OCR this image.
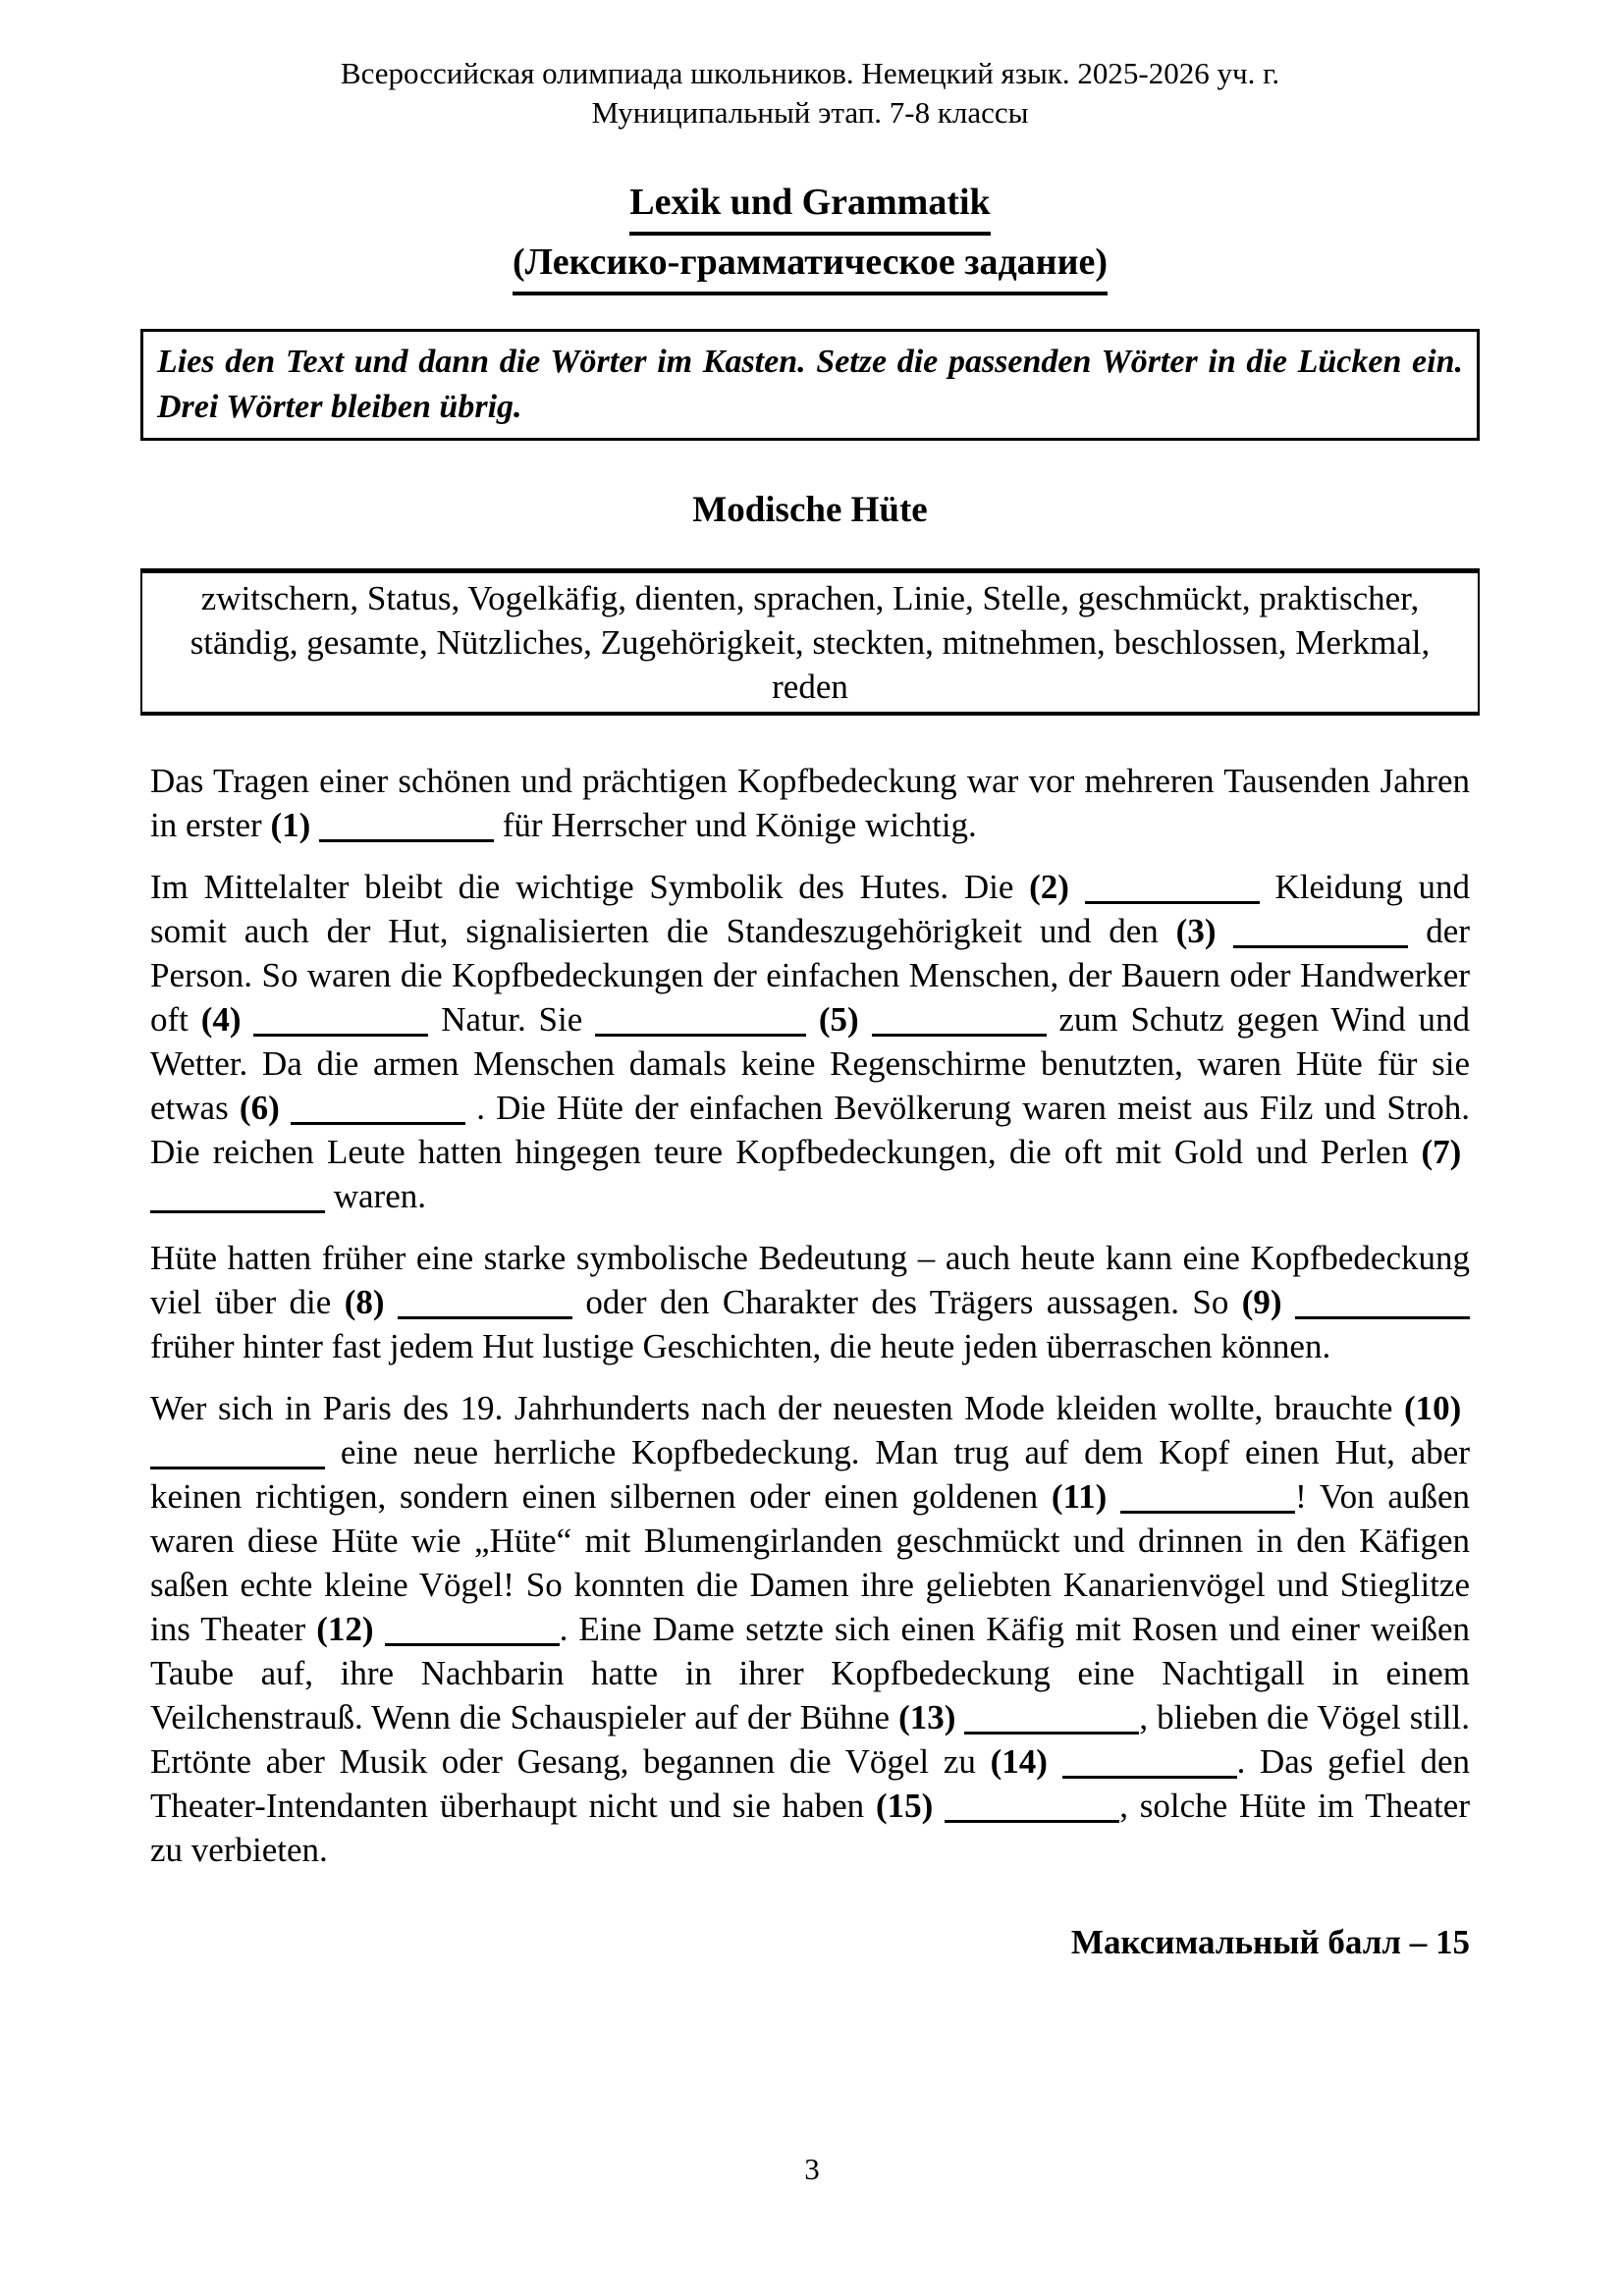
Всероссийская олимпиада школьников. Немецкий язык. 2025-2026 уч. г.
Муниципальный этап. 7-8 классы
Lexik und Grammatik
(Лексико-грамматическое задание)
Lies den Text und dann die Wörter im Kasten. Setze die passenden Wörter in die Lücken ein. Drei Wörter bleiben übrig.
Modische Hüte
zwitschern, Status, Vogelkäfig, dienten, sprachen, Linie, Stelle, geschmückt, praktischer, ständig, gesamte, Nützliches, Zugehörigkeit, steckten, mitnehmen, beschlossen, Merkmal, reden

Das Tragen einer schönen und prächtigen Kopfbedeckung war vor mehreren Tausenden Jahren in erster (1)	für Herrscher und Könige wichtig.

Im Mittelalter bleibt die wichtige Symbolik des Hutes. Die (2)	Kleidung und somit auch der Hut, signalisierten die Standeszugehörigkeit und den (3)	der Person. So waren die Kopfbedeckungen der einfachen Menschen, der Bauern oder Handwerker oft (4)	Natur. Sie	(5)	zum Schutz gegen Wind und Wetter. Da die armen Menschen damals keine Regenschirme benutzten, waren Hüte für sie etwas (6)	. Die Hüte der einfachen Bevölkerung waren meist aus Filz und Stroh. Die reichen Leute hatten hingegen teure Kopfbedeckungen, die oft mit Gold und Perlen (7)  waren.

Hüte hatten früher eine starke symbolische Bedeutung – auch heute kann eine Kopfbedeckung viel über die (8)	oder den Charakter des Trägers aussagen. So (9)  früher hinter fast jedem Hut lustige Geschichten, die heute jeden überraschen können.

Wer sich in Paris des 19. Jahrhunderts nach der neuesten Mode kleiden wollte, brauchte (10)  eine neue herrliche Kopfbedeckung. Man trug auf dem Kopf einen Hut, aber keinen richtigen, sondern einen silbernen oder einen goldenen (11)	! Von außen waren diese Hüte wie „Hüte“ mit Blumengirlanden geschmückt und drinnen in den Käfigen saßen echte kleine Vögel! So konnten die Damen ihre geliebten Kanarienvögel und Stieglitze ins Theater (12)	. Eine Dame setzte sich einen Käfig mit Rosen und einer weißen Taube auf, ihre Nachbarin hatte in ihrer Kopfbedeckung eine Nachtigall in einem Veilchenstrauß. Wenn die Schauspieler auf der Bühne (13)	, blieben die Vögel still. Ertönte aber Musik oder Gesang, begannen die Vögel zu (14)	. Das gefiel den Theater-Intendanten überhaupt nicht und sie haben (15)	, solche Hüte im Theater zu verbieten.

Максимальный балл – 15
3
